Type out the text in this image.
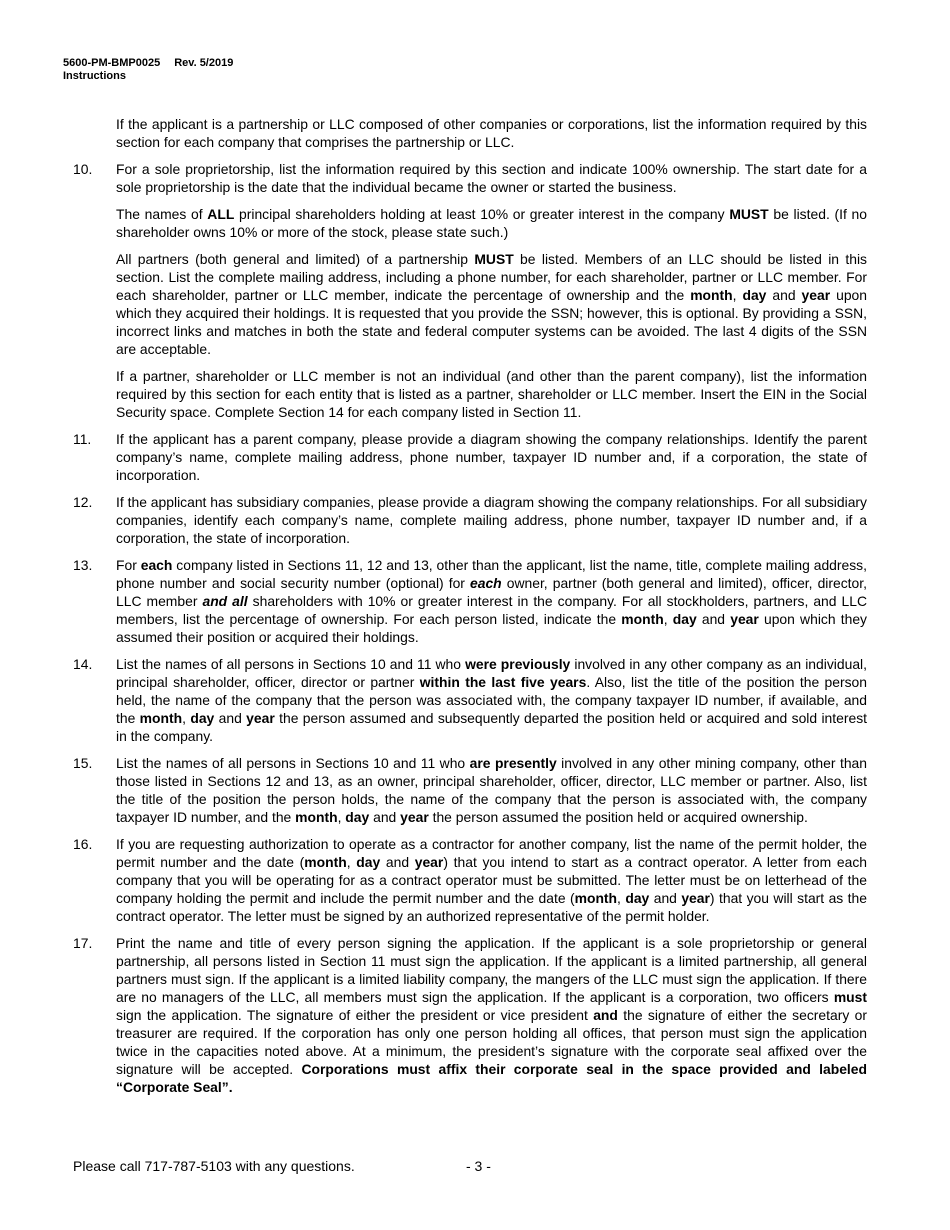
5600-PM-BMP0025 Rev. 5/2019
Instructions

If the applicant is a partnership or LLC composed of other companies or corporations, list the information required by this section for each company that comprises the partnership or LLC.

10. For a sole proprietorship, list the information required by this section and indicate 100% ownership. The start date for a sole proprietorship is the date that the individual became the owner or started the business.

The names of ALL principal shareholders holding at least 10% or greater interest in the company MUST be listed. (If no shareholder owns 10% or more of the stock, please state such.)

All partners (both general and limited) of a partnership MUST be listed. Members of an LLC should be listed in this section. List the complete mailing address, including a phone number, for each shareholder, partner or LLC member. For each shareholder, partner or LLC member, indicate the percentage of ownership and the month, day and year upon which they acquired their holdings. It is requested that you provide the SSN; however, this is optional. By providing a SSN, incorrect links and matches in both the state and federal computer systems can be avoided. The last 4 digits of the SSN are acceptable.

If a partner, shareholder or LLC member is not an individual (and other than the parent company), list the information required by this section for each entity that is listed as a partner, shareholder or LLC member. Insert the EIN in the Social Security space. Complete Section 14 for each company listed in Section 11.

11. If the applicant has a parent company, please provide a diagram showing the company relationships. Identify the parent company’s name, complete mailing address, phone number, taxpayer ID number and, if a corporation, the state of incorporation.
12. If the applicant has subsidiary companies, please provide a diagram showing the company relationships. For all subsidiary companies, identify each company’s name, complete mailing address, phone number, taxpayer ID number and, if a corporation, the state of incorporation.
13. For each company listed in Sections 11, 12 and 13, other than the applicant, list the name, title, complete mailing address, phone number and social security number (optional) for each owner, partner (both general and limited), officer, director, LLC member and all shareholders with 10% or greater interest in the company. For all stockholders, partners, and LLC members, list the percentage of ownership. For each person listed, indicate the month, day and year upon which they assumed their position or acquired their holdings.
14. List the names of all persons in Sections 10 and 11 who were previously involved in any other company as an individual, principal shareholder, officer, director or partner within the last five years. Also, list the title of the position the person held, the name of the company that the person was associated with, the company taxpayer ID number, if available, and the month, day and year the person assumed and subsequently departed the position held or acquired and sold interest in the company.
15. List the names of all persons in Sections 10 and 11 who are presently involved in any other mining company, other than those listed in Sections 12 and 13, as an owner, principal shareholder, officer, director, LLC member or partner. Also, list the title of the position the person holds, the name of the company that the person is associated with, the company taxpayer ID number, and the month, day and year the person assumed the position held or acquired ownership.
16. If you are requesting authorization to operate as a contractor for another company, list the name of the permit holder, the permit number and the date (month, day and year) that you intend to start as a contract operator. A letter from each company that you will be operating for as a contract operator must be submitted. The letter must be on letterhead of the company holding the permit and include the permit number and the date (month, day and year) that you will start as the contract operator. The letter must be signed by an authorized representative of the permit holder.
17. Print the name and title of every person signing the application. If the applicant is a sole proprietorship or general partnership, all persons listed in Section 11 must sign the application. If the applicant is a limited partnership, all general partners must sign. If the applicant is a limited liability company, the mangers of the LLC must sign the application. If there are no managers of the LLC, all members must sign the application. If the applicant is a corporation, two officers must sign the application. The signature of either the president or vice president and the signature of either the secretary or treasurer are required. If the corporation has only one person holding all offices, that person must sign the application twice in the capacities noted above. At a minimum, the president’s signature with the corporate seal affixed over the signature will be accepted. Corporations must affix their corporate seal in the space provided and labeled “Corporate Seal”.
Please call 717-787-5103 with any questions.	- 3 -
